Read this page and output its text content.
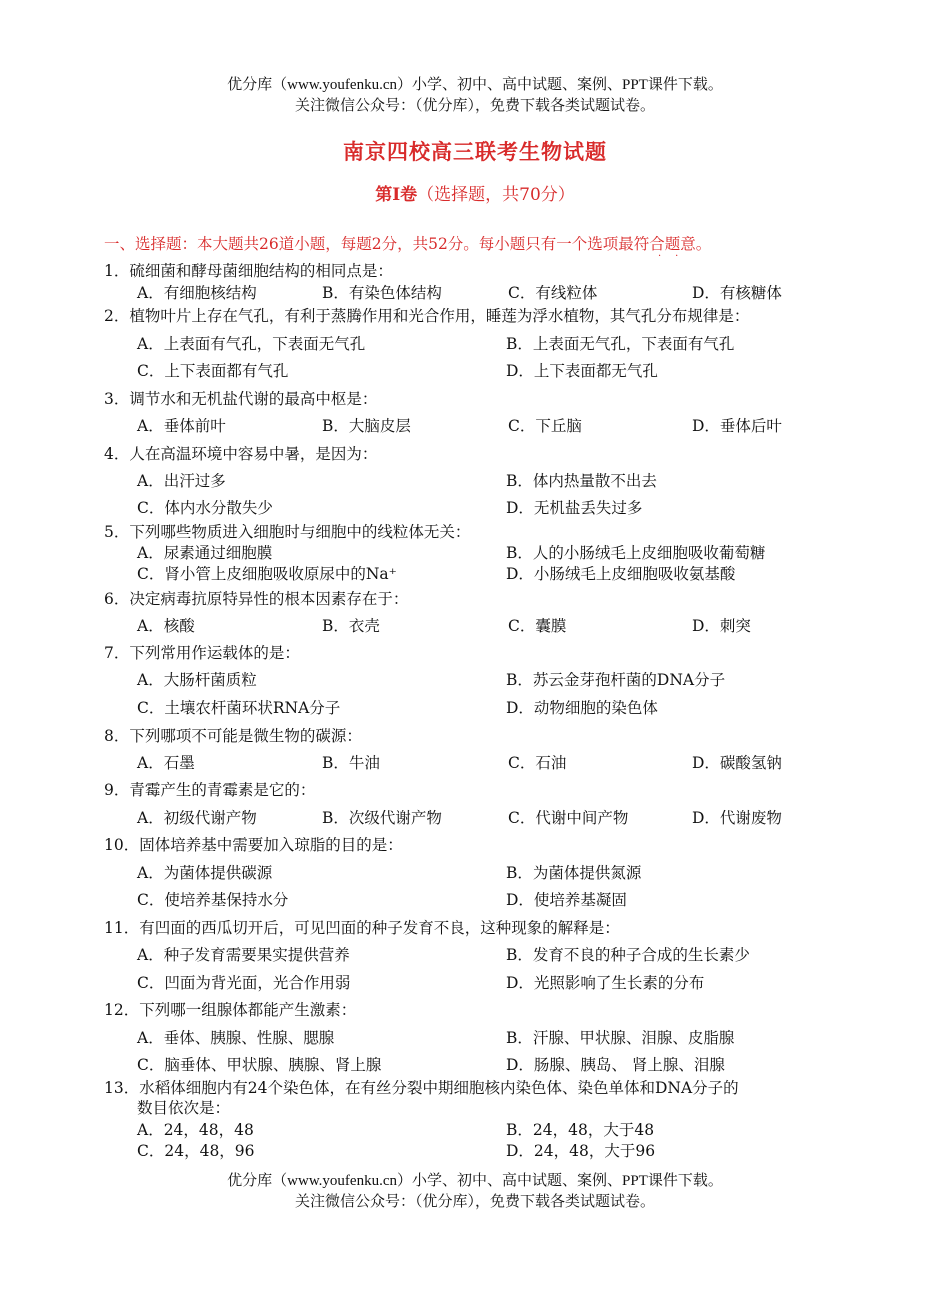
优分库（www.youfenku.cn）小学、初中、高中试题、案例、PPT课件下载。
关注微信公众号：（优分库），免费下载各类试题试卷。
南京四校高三联考生物试题
第Ⅰ卷（选择题，共70分）
一、选择题：本大题共26道小题，每题2分，共52分。每小题只有一个选项最符合题意。
··
1．硫细菌和酵母菌细胞结构的相同点是：
A．有细胞核结构	B．有染色体结构	C．有线粒体	D．有核糖体
2．植物叶片上存在气孔，有利于蒸腾作用和光合作用，睡莲为浮水植物，其气孔分布规律是：
A．上表面有气孔，下表面无气孔	B．上表面无气孔，下表面有气孔
C．上下表面都有气孔	D．上下表面都无气孔
3．调节水和无机盐代谢的最高中枢是：
A．垂体前叶	B．大脑皮层	C．下丘脑	D．垂体后叶
4．人在高温环境中容易中暑，是因为：
A．出汗过多	B．体内热量散不出去
C．体内水分散失少	D．无机盐丢失过多
5．下列哪些物质进入细胞时与细胞中的线粒体无关：
A．尿素通过细胞膜	B．人的小肠绒毛上皮细胞吸收葡萄糖
C．肾小管上皮细胞吸收原尿中的Na⁺	D．小肠绒毛上皮细胞吸收氨基酸
6．决定病毒抗原特异性的根本因素存在于：
A．核酸	B．衣壳	C．囊膜	D．刺突
7．下列常用作运载体的是：
A．大肠杆菌质粒	B．苏云金芽孢杆菌的DNA分子
C．土壤农杆菌环状RNA分子	D．动物细胞的染色体
8．下列哪项不可能是微生物的碳源：
A．石墨	B．牛油	C．石油	D．碳酸氢钠
9．青霉产生的青霉素是它的：
A．初级代谢产物	B．次级代谢产物	C．代谢中间产物	D．代谢废物
10．固体培养基中需要加入琼脂的目的是：
A．为菌体提供碳源	B．为菌体提供氮源
C．使培养基保持水分	D．使培养基凝固
11．有凹面的西瓜切开后，可见凹面的种子发育不良，这种现象的解释是：
A．种子发育需要果实提供营养	B．发育不良的种子合成的生长素少
C．凹面为背光面，光合作用弱	D．光照影响了生长素的分布
12．下列哪一组腺体都能产生激素：
A．垂体、胰腺、性腺、腮腺	B．汗腺、甲状腺、泪腺、皮脂腺
C．脑垂体、甲状腺、胰腺、肾上腺	D．肠腺、胰岛、 肾上腺、泪腺
13．水稻体细胞内有24个染色体，在有丝分裂中期细胞核内染色体、染色单体和DNA分子的
数目依次是：
A．24，48，48	B．24，48，大于48
C．24，48，96	D．24，48，大于96
优分库（www.youfenku.cn）小学、初中、高中试题、案例、PPT课件下载。
关注微信公众号：（优分库），免费下载各类试题试卷。
